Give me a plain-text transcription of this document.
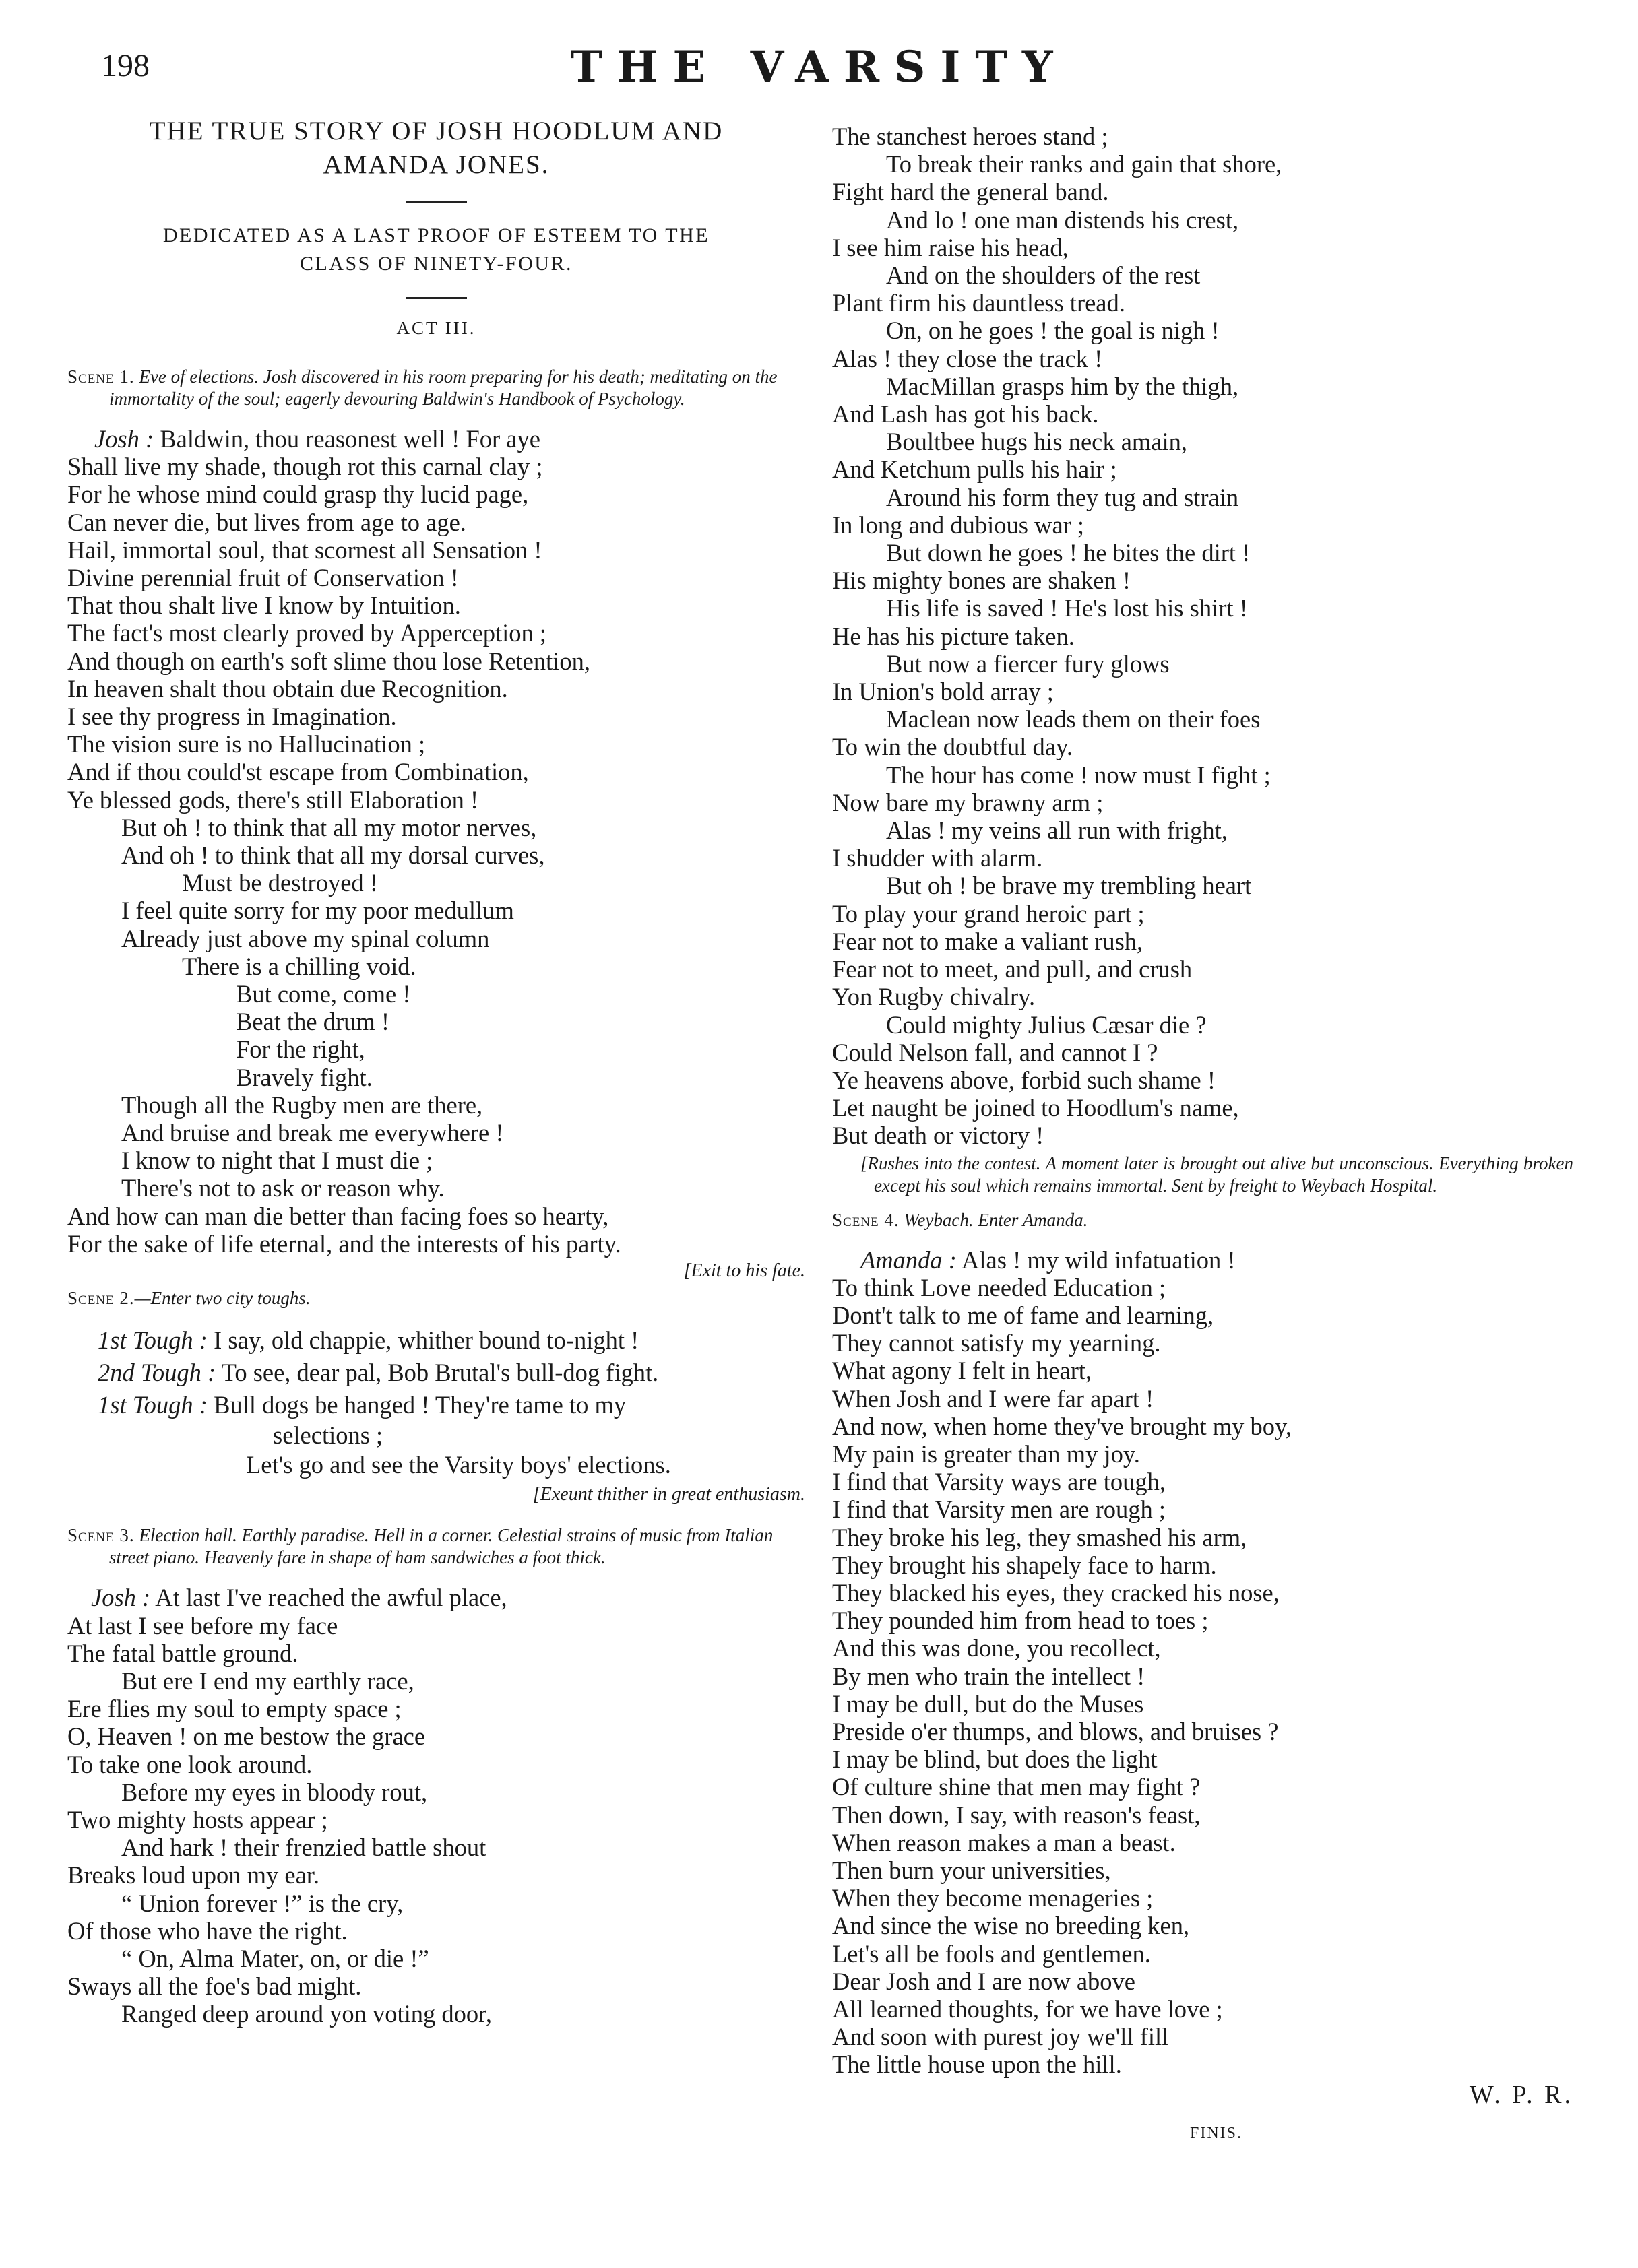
198	THE VARSITY
THE TRUE STORY OF JOSH HOODLUM AND
AMANDA JONES.
DEDICATED AS A LAST PROOF OF ESTEEM TO THE
CLASS OF NINETY-FOUR.
ACT III.
Scene 1. Eve of elections. Josh discovered in his room preparing for his death; meditating on the immortality of the soul; eagerly devouring Baldwin's Handbook of Psychology.
Josh : Baldwin, thou reasonest well ! For aye
Shall live my shade, though rot this carnal clay ;
For he whose mind could grasp thy lucid page,
Can never die, but lives from age to age.
Hail, immortal soul, that scornest all Sensation !
Divine perennial fruit of Conservation !
That thou shalt live I know by Intuition.
The fact's most clearly proved by Apperception ;
And though on earth's soft slime thou lose Retention,
In heaven shalt thou obtain due Recognition.
I see thy progress in Imagination.
The vision sure is no Hallucination ;
And if thou could'st escape from Combination,
Ye blessed gods, there's still Elaboration !
But oh ! to think that all my motor nerves,
And oh ! to think that all my dorsal curves,
Must be destroyed !
I feel quite sorry for my poor medullum
Already just above my spinal column
There is a chilling void.
But come, come !
Beat the drum !
For the right,
Bravely fight.
Though all the Rugby men are there,
And bruise and break me everywhere !
I know to night that I must die ;
There's not to ask or reason why.
And how can man die better than facing foes so hearty,
For the sake of life eternal, and the interests of his party.
[Exit to his fate.
Scene 2.—Enter two city toughs.
1st Tough : I say, old chappie, whither bound to-night !
2nd Tough : To see, dear pal, Bob Brutal's bull-dog fight.
1st Tough : Bull dogs be hanged ! They're tame to my
selections ;
Let's go and see the Varsity boys' elections.
[Exeunt thither in great enthusiasm.
Scene 3. Election hall. Earthly paradise. Hell in a corner. Celestial strains of music from Italian street piano. Heavenly fare in shape of ham sandwiches a foot thick.
Josh : At last I've reached the awful place,
At last I see before my face
The fatal battle ground.
But ere I end my earthly race,
Ere flies my soul to empty space ;
O, Heaven ! on me bestow the grace
To take one look around.
Before my eyes in bloody rout,
Two mighty hosts appear ;
And hark ! their frenzied battle shout
Breaks loud upon my ear.
“ Union forever !” is the cry,
Of those who have the right.
“ On, Alma Mater, on, or die !”
Sways all the foe's bad might.
Ranged deep around yon voting door,
The stanchest heroes stand ;
To break their ranks and gain that shore,
Fight hard the general band.
And lo ! one man distends his crest,
I see him raise his head,
And on the shoulders of the rest
Plant firm his dauntless tread.
On, on he goes ! the goal is nigh !
Alas ! they close the track !
MacMillan grasps him by the thigh,
And Lash has got his back.
Boultbee hugs his neck amain,
And Ketchum pulls his hair ;
Around his form they tug and strain
In long and dubious war ;
But down he goes ! he bites the dirt !
His mighty bones are shaken !
His life is saved ! He's lost his shirt !
He has his picture taken.
But now a fiercer fury glows
In Union's bold array ;
Maclean now leads them on their foes
To win the doubtful day.
The hour has come ! now must I fight ;
Now bare my brawny arm ;
Alas ! my veins all run with fright,
I shudder with alarm.
But oh ! be brave my trembling heart
To play your grand heroic part ;
Fear not to make a valiant rush,
Fear not to meet, and pull, and crush
Yon Rugby chivalry.
Could mighty Julius Cæsar die ?
Could Nelson fall, and cannot I ?
Ye heavens above, forbid such shame !
Let naught be joined to Hoodlum's name,
But death or victory !
[Rushes into the contest. A moment later is brought out alive but unconscious. Everything broken except his soul which remains immortal. Sent by freight to Weybach Hospital.
Scene 4. Weybach. Enter Amanda.
Amanda : Alas ! my wild infatuation !
To think Love needed Education ;
Dont't talk to me of fame and learning,
They cannot satisfy my yearning.
What agony I felt in heart,
When Josh and I were far apart !
And now, when home they've brought my boy,
My pain is greater than my joy.
I find that Varsity ways are tough,
I find that Varsity men are rough ;
They broke his leg, they smashed his arm,
They brought his shapely face to harm.
They blacked his eyes, they cracked his nose,
They pounded him from head to toes ;
And this was done, you recollect,
By men who train the intellect !
I may be dull, but do the Muses
Preside o'er thumps, and blows, and bruises ?
I may be blind, but does the light
Of culture shine that men may fight ?
Then down, I say, with reason's feast,
When reason makes a man a beast.
Then burn your universities,
When they become menageries ;
And since the wise no breeding ken,
Let's all be fools and gentlemen.
Dear Josh and I are now above
All learned thoughts, for we have love ;
And soon with purest joy we'll fill
The little house upon the hill.
W. P. R.
FINIS.
